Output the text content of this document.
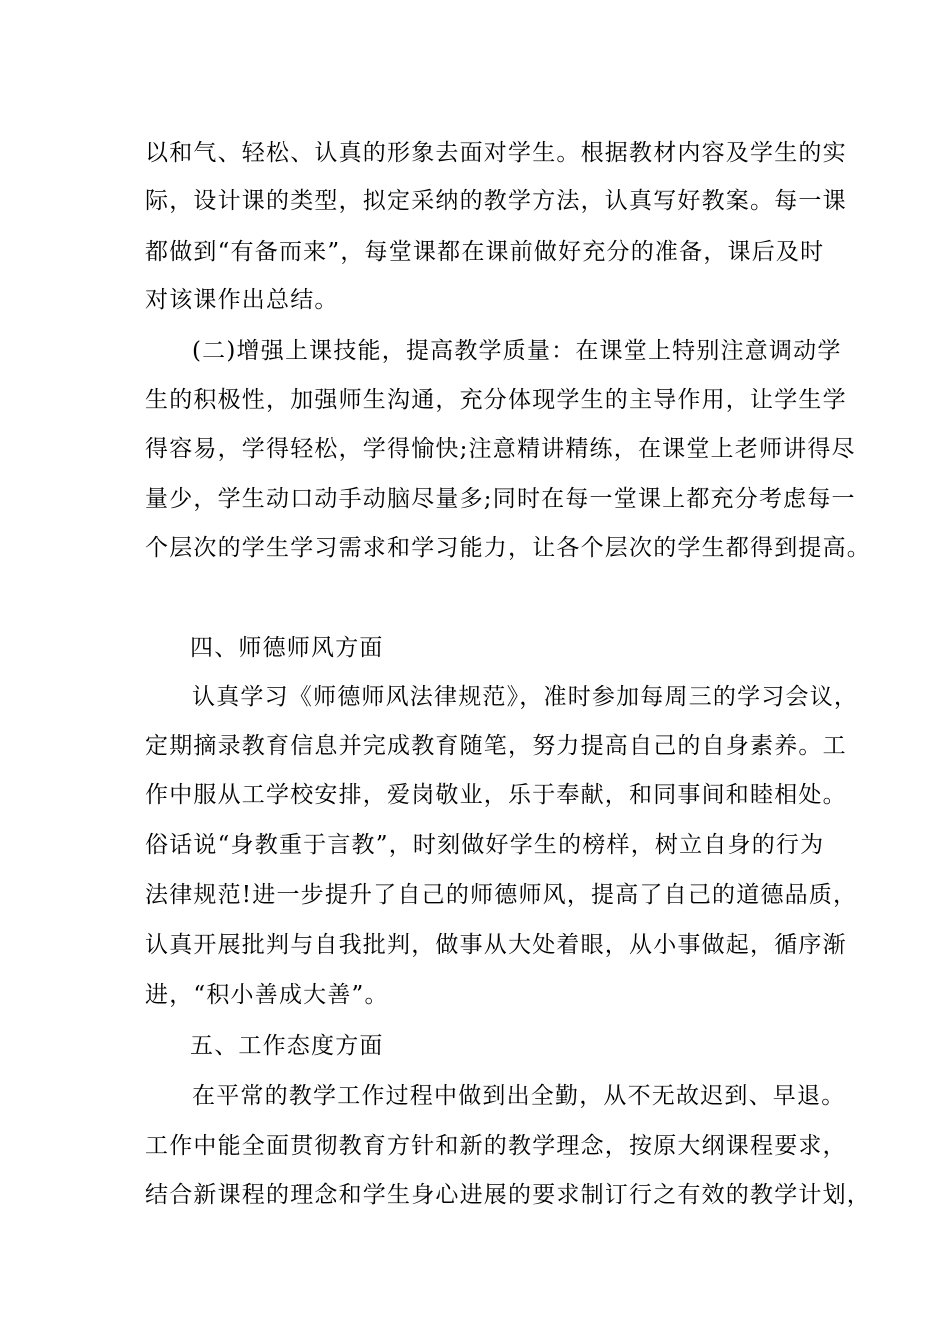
以和气、轻松、认真的形象去面对学生。根据教材内容及学生的实
际，设计课的类型，拟定采纳的教学方法，认真写好教案。每一课
都做到“有备而来”，每堂课都在课前做好充分的准备，课后及时
对该课作出总结。
(二)增强上课技能，提高教学质量：在课堂上特别注意调动学
生的积极性，加强师生沟通，充分体现学生的主导作用，让学生学
得容易，学得轻松，学得愉快;注意精讲精练，在课堂上老师讲得尽
量少，学生动口动手动脑尽量多;同时在每一堂课上都充分考虑每一
个层次的学生学习需求和学习能力，让各个层次的学生都得到提高。
四、师德师风方面
认真学习《师德师风法律规范》，准时参加每周三的学习会议，
定期摘录教育信息并完成教育随笔，努力提高自己的自身素养。工
作中服从工学校安排，爱岗敬业，乐于奉献，和同事间和睦相处。
俗话说“身教重于言教”，时刻做好学生的榜样，树立自身的行为
法律规范!进一步提升了自己的师德师风，提高了自己的道德品质，
认真开展批判与自我批判，做事从大处着眼，从小事做起，循序渐
进，“积小善成大善”。
五、工作态度方面
在平常的教学工作过程中做到出全勤，从不无故迟到、早退。
工作中能全面贯彻教育方针和新的教学理念，按原大纲课程要求，
结合新课程的理念和学生身心进展的要求制订行之有效的教学计划，
